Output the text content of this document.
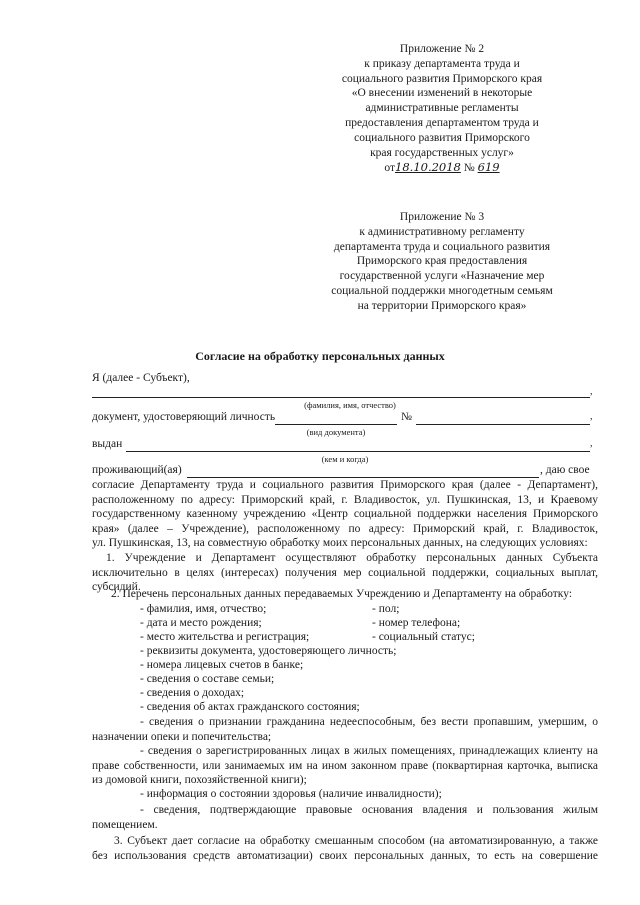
Приложение № 2
к приказу департамента труда и
социального развития Приморского края
«О внесении изменений в некоторые
административные регламенты
предоставления департаментом труда и
социального развития Приморского
края государственных услуг»
от18.10.2018 № 619
Приложение № 3
к административному регламенту
департамента труда и социального развития
Приморского края предоставления
государственной услуги «Назначение мер
социальной поддержки многодетным семьям
на территории Приморского края»
Согласие на обработку персональных данных
Я (далее - Субъект),
,
(фамилия, имя, отчество)
документ, удостоверяющий личность	№	,
(вид документа)
выдан	,
(кем и когда)
проживающий(ая)	, даю свое
согласие Департаменту труда и социального развития Приморского края (далее - Департамент),
расположенному по адресу: Приморский край, г. Владивосток, ул. Пушкинская, 13, и Краевому
государственному казенному учреждению «Центр социальной поддержки населения Приморского
края» (далее – Учреждение), расположенному по адресу: Приморский край, г. Владивосток,
ул. Пушкинская, 13, на совместную обработку моих персональных данных, на следующих условиях:
1. Учреждение и Департамент осуществляют обработку персональных данных Субъекта
исключительно в целях (интересах) получения мер социальной поддержки, социальных выплат,
субсидий.
2. Перечень персональных данных передаваемых Учреждению и Департаменту на обработку:
- фамилия, имя, отчество;
- дата и место рождения;
- место жительства и регистрация;
- пол;
- номер телефона;
- социальный статус;
- реквизиты документа, удостоверяющего личность;
- номера лицевых счетов в банке;
- сведения о составе семьи;
- сведения о доходах;
- сведения об актах гражданского состояния;
- сведения о признании гражданина недееспособным, без вести пропавшим, умершим, о
назначении опеки и попечительства;
- сведения о зарегистрированных лицах в жилых помещениях, принадлежащих клиенту на
праве собственности, или занимаемых им на ином законном праве (поквартирная карточка, выписка
из домовой книги, похозяйственной книги);
- информация о состоянии здоровья (наличие инвалидности);
- сведения, подтверждающие правовые основания владения и пользования жилым
помещением.
3. Субъект дает согласие на обработку смешанным способом (на автоматизированную, а также
без использования средств автоматизации) своих персональных данных, то есть на совершение
